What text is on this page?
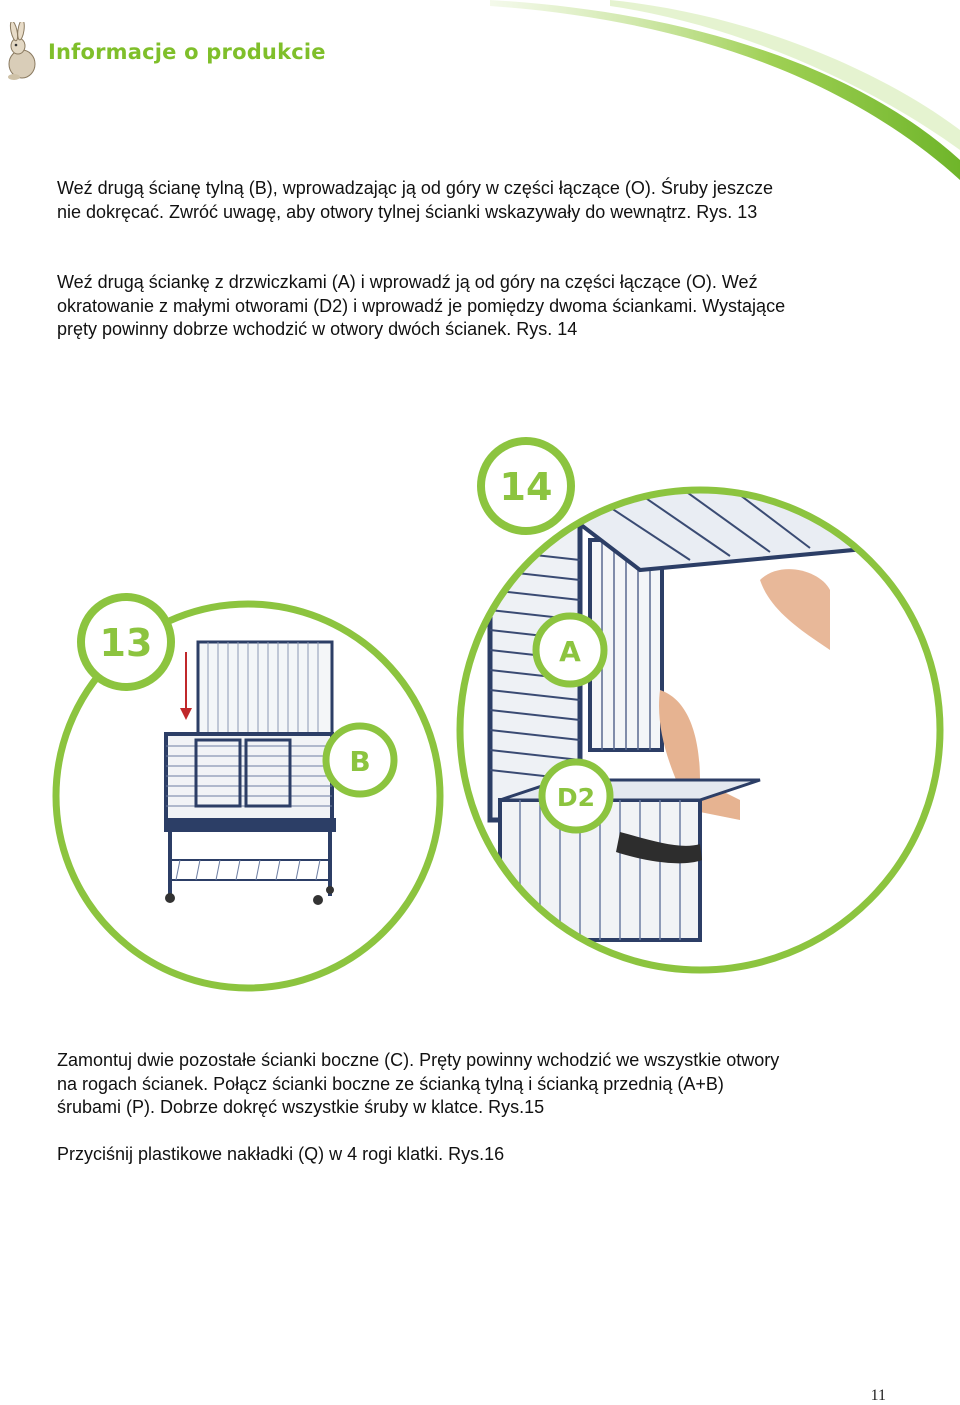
Informacje o produkcie
Weź drugą ścianę tylną (B), wprowadzając ją od góry w części łączące (O). Śruby jeszcze
nie dokręcać. Zwróć uwagę, aby otwory tylnej ścianki wskazywały do wewnątrz. Rys. 13
Weź drugą ściankę z drzwiczkami (A) i wprowadź ją od góry na części łączące (O). Weź
okratowanie z małymi otworami (D2) i wprowadź je pomiędzy dwoma ściankami. Wystające
pręty powinny dobrze wchodzić w otwory dwóch ścianek. Rys. 14
13
14
A
B
D2
Zamontuj dwie pozostałe ścianki boczne (C). Pręty powinny wchodzić we wszystkie otwory
na rogach ścianek. Połącz ścianki boczne ze ścianką tylną i ścianką przednią (A+B)
śrubami (P). Dobrze dokręć wszystkie śruby w klatce. Rys.15
Przyciśnij plastikowe nakładki (Q) w 4 rogi klatki. Rys.16
11
